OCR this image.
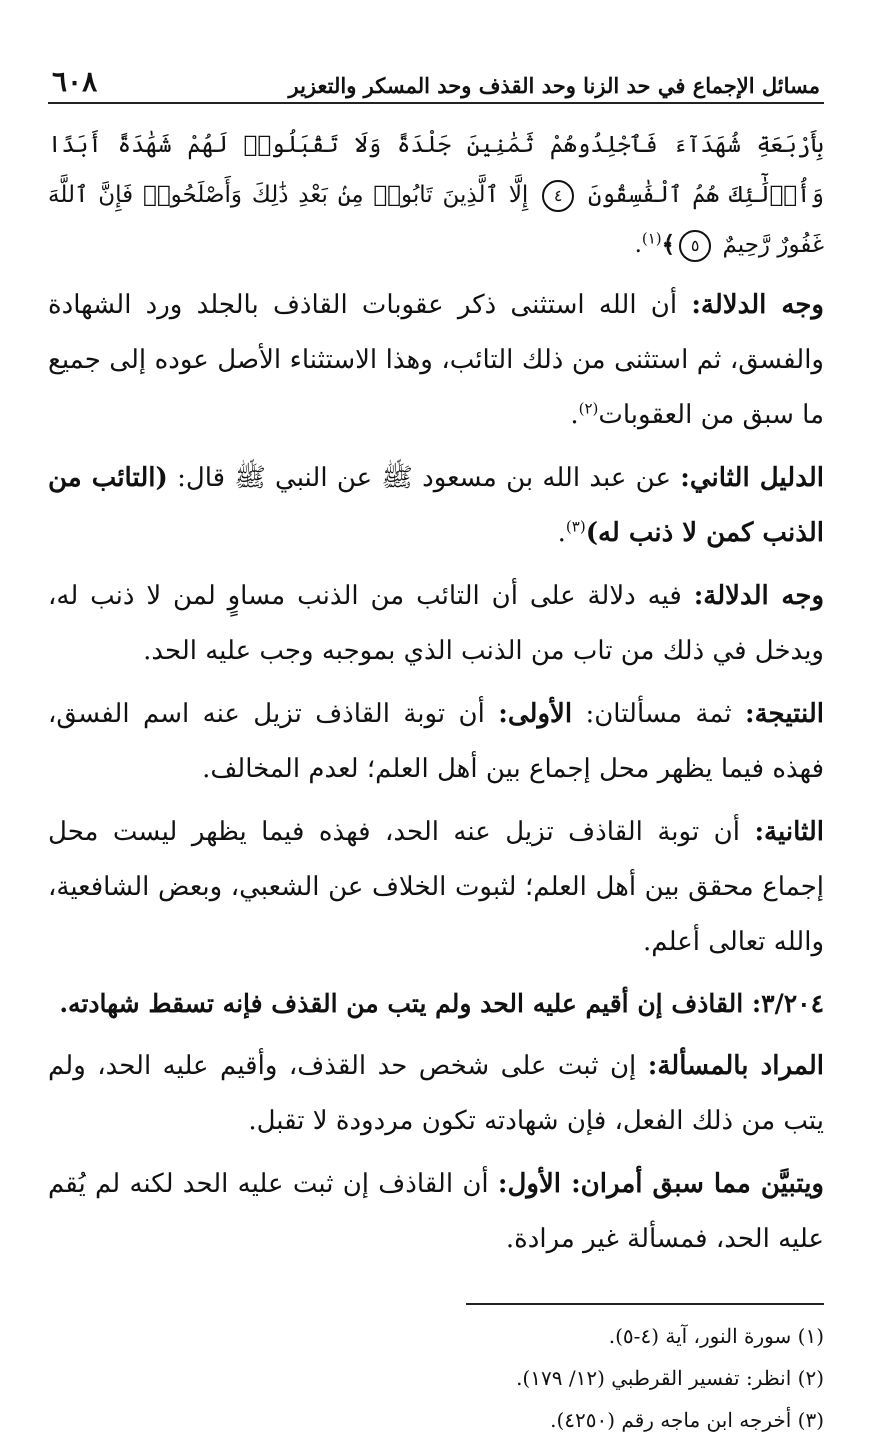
مسائل الإجماع في حد الزنا وحد القذف وحد المسكر والتعزير
٦٠٨

بِأَرْبَعَةِ شُهَدَآءَ فَٱجْلِدُوهُمْ ثَمَٰنِينَ جَلْدَةً وَلَا تَقْبَلُوا۟ لَهُمْ شَهَٰدَةً أَبَدًا وَأُو۟لَٰٓئِكَ هُمُ ٱلْفَٰسِقُونَ ٤ إِلَّا ٱلَّذِينَ تَابُوا۟ مِنۢ بَعْدِ ذَٰلِكَ وَأَصْلَحُوا۟ فَإِنَّ ٱللَّهَ غَفُورٌ رَّحِيمٌ ٥﴾$^{(١)}$.

وجه الدلالة: أن الله استثنى ذكر عقوبات القاذف بالجلد ورد الشهادة والفسق، ثم استثنى من ذلك التائب، وهذا الاستثناء الأصل عوده إلى جميع ما سبق من العقوبات$^{(٢)}$.

الدليل الثاني: عن عبد الله بن مسعود ﷺ عن النبي ﷺ قال: (التائب من الذنب كمن لا ذنب له)$^{(٣)}$.

وجه الدلالة: فيه دلالة على أن التائب من الذنب مساوٍ لمن لا ذنب له، ويدخل في ذلك من تاب من الذنب الذي بموجبه وجب عليه الحد.

النتيجة: ثمة مسألتان: الأولى: أن توبة القاذف تزيل عنه اسم الفسق، فهذه فيما يظهر محل إجماع بين أهل العلم؛ لعدم المخالف.

الثانية: أن توبة القاذف تزيل عنه الحد، فهذه فيما يظهر ليست محل إجماع محقق بين أهل العلم؛ لثبوت الخلاف عن الشعبي، وبعض الشافعية، والله تعالى أعلم.

٣/٢٠٤: القاذف إن أقيم عليه الحد ولم يتب من القذف فإنه تسقط شهادته.

المراد بالمسألة: إن ثبت على شخص حد القذف، وأقيم عليه الحد، ولم يتب من ذلك الفعل، فإن شهادته تكون مردودة لا تقبل.

ويتبيَّن مما سبق أمران: الأول: أن القاذف إن ثبت عليه الحد لكنه لم يُقم عليه الحد، فمسألة غير مرادة.

(١) سورة النور، آية (٤-٥).

(٢) انظر: تفسير القرطبي (١٢/ ١٧٩).

(٣) أخرجه ابن ماجه رقم (٤٢٥٠).
